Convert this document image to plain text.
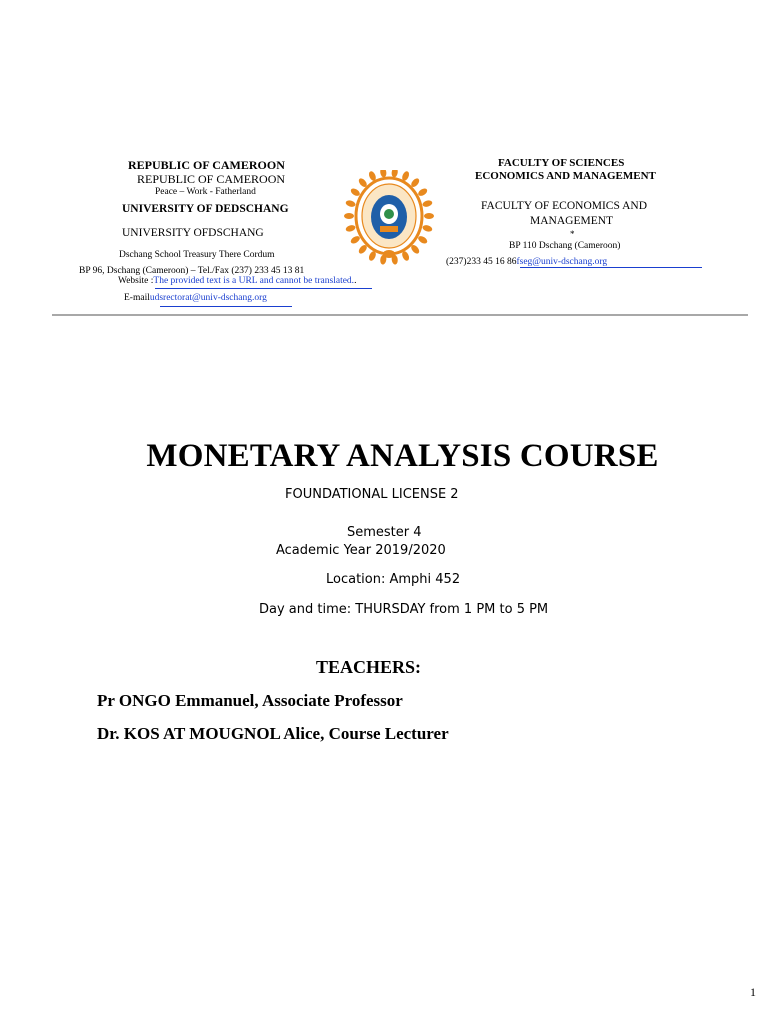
REPUBLIC OF CAMEROON
REPUBLIC OF CAMEROON
Peace – Work - Fatherland
UNIVERSITY OF DEDSCHANG
UNIVERSITY OFDSCHANG
Dschang School Treasury There Cordum
BP 96, Dschang (Cameroon) – Tel./Fax (237) 233 45 13 81
Website :The provided text is a URL and cannot be translated..
E-mailudsrectorat@univ-dschang.org
FACULTY OF SCIENCES
ECONOMICS AND MANAGEMENT
FACULTY OF ECONOMICS AND
MANAGEMENT
*
BP 110 Dschang (Cameroon)
(237)233 45 16 86fseg@univ-dschang.org
MONETARY ANALYSIS COURSE
FOUNDATIONAL LICENSE 2
Semester 4
Academic Year 2019/2020
Location: Amphi 452
Day and time: THURSDAY from 1 PM to 5 PM
TEACHERS:
Pr ONGO Emmanuel, Associate Professor
Dr. KOS AT MOUGNOL Alice, Course Lecturer
1
